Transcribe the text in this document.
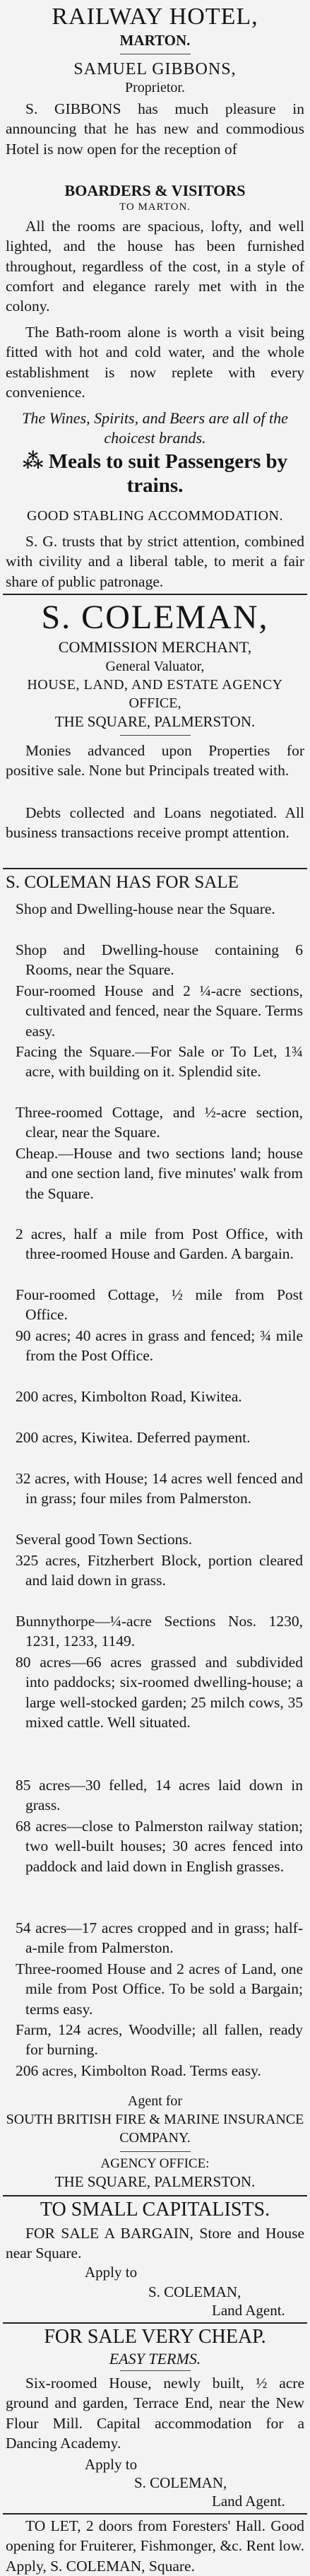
RAILWAY HOTEL,
MARTON.
SAMUEL GIBBONS,
Proprietor.
S. GIBBONS has much pleasure in announcing that he has new and commodious Hotel is now open for the reception of
BOARDERS & VISITORS
TO MARTON.
All the rooms are spacious, lofty, and well lighted, and the house has been furnished throughout, regardless of the cost, in a style of comfort and elegance rarely met with in the colony.
The Bath-room alone is worth a visit being fitted with hot and cold water, and the whole establishment is now replete with every convenience.
The Wines, Spirits, and Beers are all of the choicest brands.
⁂ Meals to suit Passengers by trains.
GOOD STABLING ACCOMMODATION.
S. G. trusts that by strict attention, combined with civility and a liberal table, to merit a fair share of public patronage.
S. COLEMAN,
COMMISSION MERCHANT,
General Valuator,
HOUSE, LAND, AND ESTATE AGENCY
OFFICE,
THE SQUARE, PALMERSTON.
Monies advanced upon Properties for positive sale. None but Principals treated with.
Debts collected and Loans negotiated. All business transactions receive prompt attention.
S. COLEMAN HAS FOR SALE
Shop and Dwelling-house near the Square.
Shop and Dwelling-house containing 6 Rooms, near the Square.
Four-roomed House and 2 ¼-acre sections, cultivated and fenced, near the Square. Terms easy.
Facing the Square.—For Sale or To Let, 1¾ acre, with building on it. Splendid site.
Three-roomed Cottage, and ½-acre section, clear, near the Square.
Cheap.—House and two sections land; house and one section land, five minutes' walk from the Square.
2 acres, half a mile from Post Office, with three-roomed House and Garden. A bargain.
Four-roomed Cottage, ½ mile from Post Office.
90 acres; 40 acres in grass and fenced; ¾ mile from the Post Office.
200 acres, Kimbolton Road, Kiwitea.
200 acres, Kiwitea. Deferred payment.
32 acres, with House; 14 acres well fenced and in grass; four miles from Palmerston.
Several good Town Sections.
325 acres, Fitzherbert Block, portion cleared and laid down in grass.
Bunnythorpe—¼-acre Sections Nos. 1230, 1231, 1233, 1149.
80 acres—66 acres grassed and subdivided into paddocks; six-roomed dwelling-house; a large well-stocked garden; 25 milch cows, 35 mixed cattle. Well situated.
85 acres—30 felled, 14 acres laid down in grass.
68 acres—close to Palmerston railway station; two well-built houses; 30 acres fenced into paddock and laid down in English grasses.
54 acres—17 acres cropped and in grass; half-a-mile from Palmerston.
Three-roomed House and 2 acres of Land, one mile from Post Office. To be sold a Bargain; terms easy.
Farm, 124 acres, Woodville; all fallen, ready for burning.
206 acres, Kimbolton Road. Terms easy.
Agent for
SOUTH BRITISH FIRE & MARINE INSURANCE COMPANY.
AGENCY OFFICE:
THE SQUARE, PALMERSTON.
TO SMALL CAPITALISTS.
FOR SALE A BARGAIN, Store and House near Square.
Apply to
S. COLEMAN,
Land Agent.
FOR SALE VERY CHEAP.
EASY TERMS.
Six-roomed House, newly built, ½ acre ground and garden, Terrace End, near the New Flour Mill. Capital accommodation for a Dancing Academy.
Apply to
S. COLEMAN,
Land Agent.
TO LET, 2 doors from Foresters' Hall. Good opening for Fruiterer, Fishmonger, &c. Rent low. Apply, S. COLEMAN, Square.
